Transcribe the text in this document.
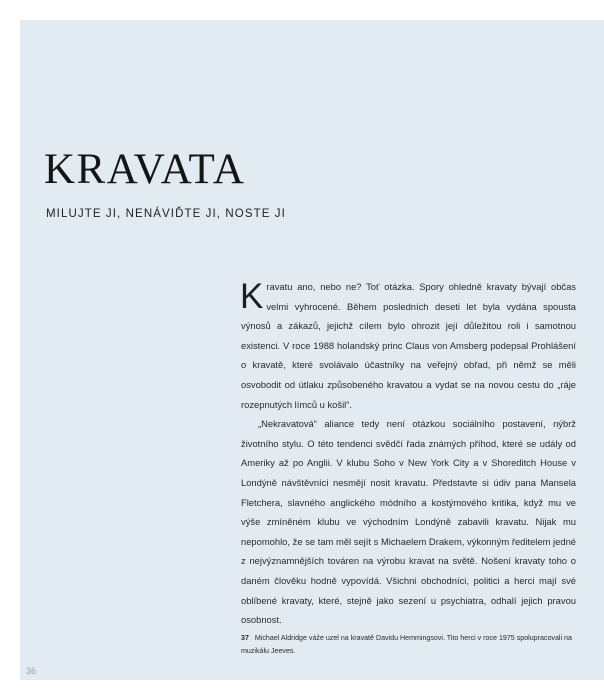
KRAVATA
MILUJTE JI, NENÁVIĎTE JI, NOSTE JI

K ravatu ano, nebo ne? Toť otázka. Spory ohledně kravaty bývají občas velmi vyhrocené. Během posledních deseti let byla vydána spousta výnosů a zákazů, jejichž cílem bylo ohrozit její důležitou roli i samotnou existenci. V roce 1988 holandský princ Claus von Amsberg podepsal Prohlášení o kravatě, které svolávalo účastníky na veřejný obřad, při němž se měli osvobodit od útlaku způsobeného kravatou a vydat se na novou cestu do „ráje rozepnutých límců u košil“.

„Nekravatová“ aliance tedy není otázkou sociálního postavení, nýbrž životního stylu. O této tendenci svědčí řada známých příhod, které se udály od Ameriky až po Anglii. V klubu Soho v New York City a v Shoreditch House v Londýně návštěvníci nesmějí nosit kravatu. Představte si údiv pana Mansela Fletchera, slavného anglického módního a kostýmového kritika, když mu ve výše zmíněném klubu ve východním Londýně zabavili kravatu. Nijak mu nepomohlo, že se tam měl sejít s Michaelem Drakem, výkonným ředitelem jedné z nejvýznamnějších továren na výrobu kravat na světě. Nošení kravaty toho o daném člověku hodně vypovídá. Všichni obchodníci, politici a herci mají své oblíbené kravaty, které, stejně jako sezení u psychiatra, odhalí jejich pravou osobnost.

37 Michael Aldridge váže uzel na kravatě Davidu Hemmingsovi. Tito herci v roce 1975 spolupracovali na muzikálu Jeeves.
36
